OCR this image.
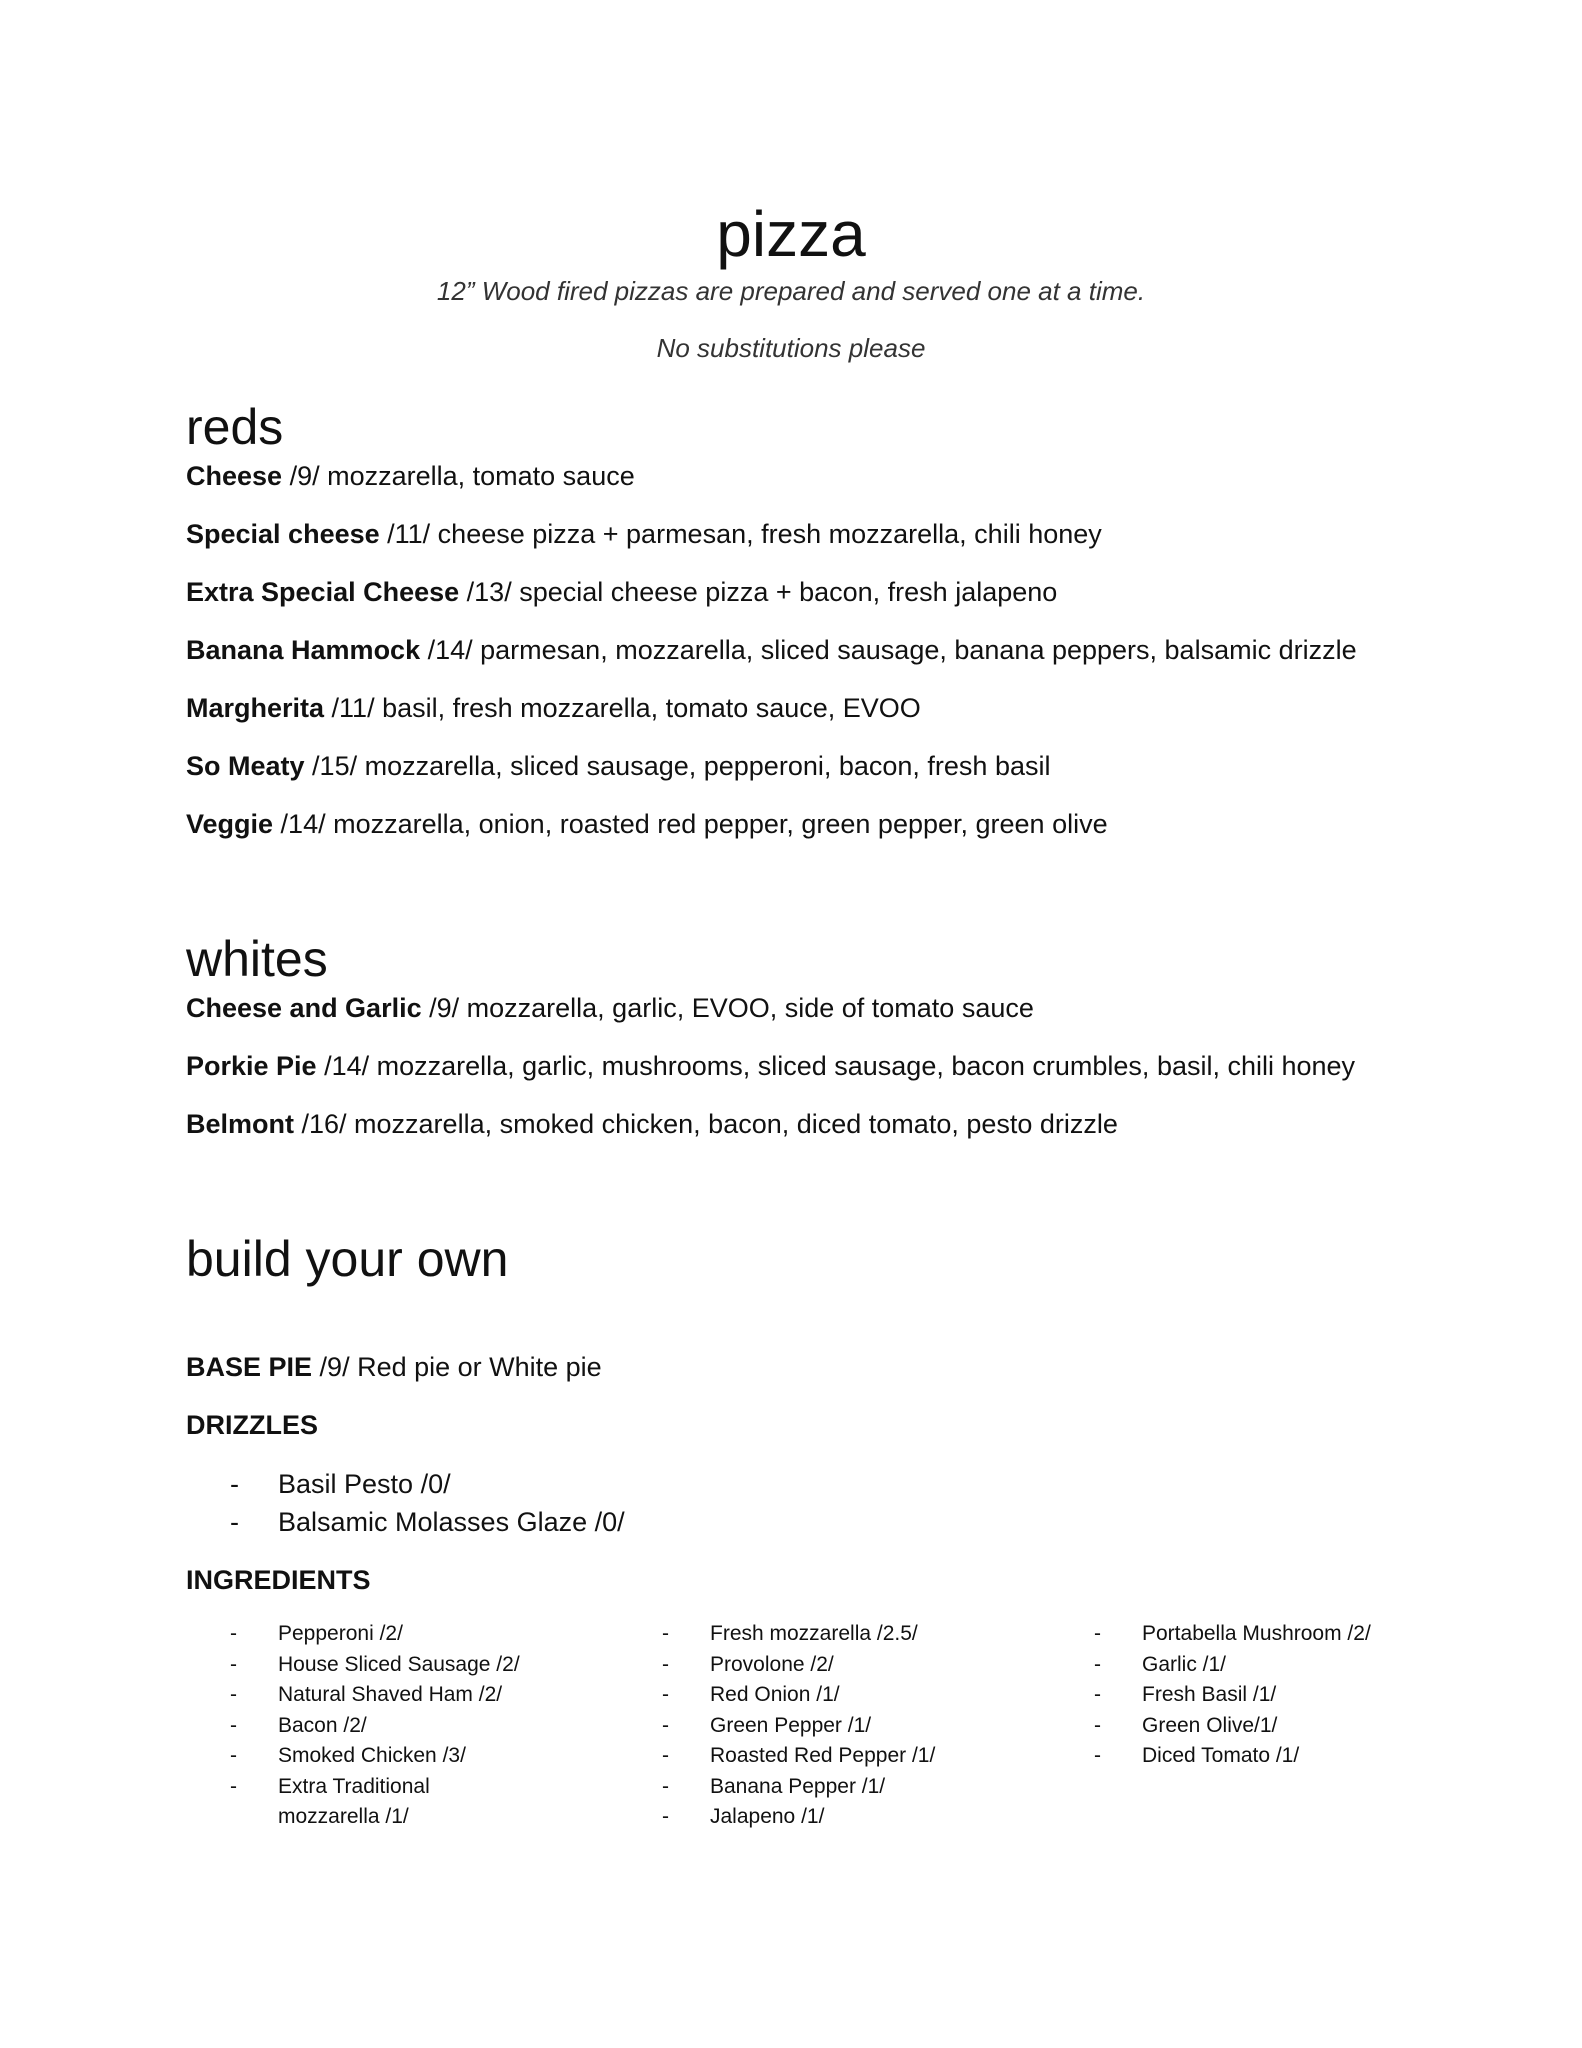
pizza
12” Wood fired pizzas are prepared and served one at a time.
No substitutions please
reds
Cheese /9/ mozzarella, tomato sauce
Special cheese /11/ cheese pizza + parmesan, fresh mozzarella, chili honey
Extra Special Cheese /13/ special cheese pizza + bacon, fresh jalapeno
Banana Hammock /14/ parmesan, mozzarella, sliced sausage, banana peppers, balsamic drizzle
Margherita /11/ basil, fresh mozzarella, tomato sauce, EVOO
So Meaty /15/ mozzarella, sliced sausage, pepperoni, bacon, fresh basil
Veggie /14/ mozzarella, onion, roasted red pepper, green pepper, green olive
whites
Cheese and Garlic /9/ mozzarella, garlic, EVOO, side of tomato sauce
Porkie Pie /14/ mozzarella, garlic, mushrooms, sliced sausage, bacon crumbles, basil, chili honey
Belmont /16/ mozzarella, smoked chicken, bacon, diced tomato, pesto drizzle
build your own
BASE PIE /9/ Red pie or White pie
DRIZZLES
- Basil Pesto /0/
- Balsamic Molasses Glaze /0/
INGREDIENTS
- Pepperoni /2/
- House Sliced Sausage /2/
- Natural Shaved Ham /2/
- Bacon /2/
- Smoked Chicken /3/
- Extra Traditional mozzarella /1/
- Fresh mozzarella /2.5/
- Provolone /2/
- Red Onion /1/
- Green Pepper /1/
- Roasted Red Pepper /1/
- Banana Pepper /1/
- Jalapeno /1/
- Portabella Mushroom /2/
- Garlic /1/
- Fresh Basil /1/
- Green Olive/1/
- Diced Tomato /1/
